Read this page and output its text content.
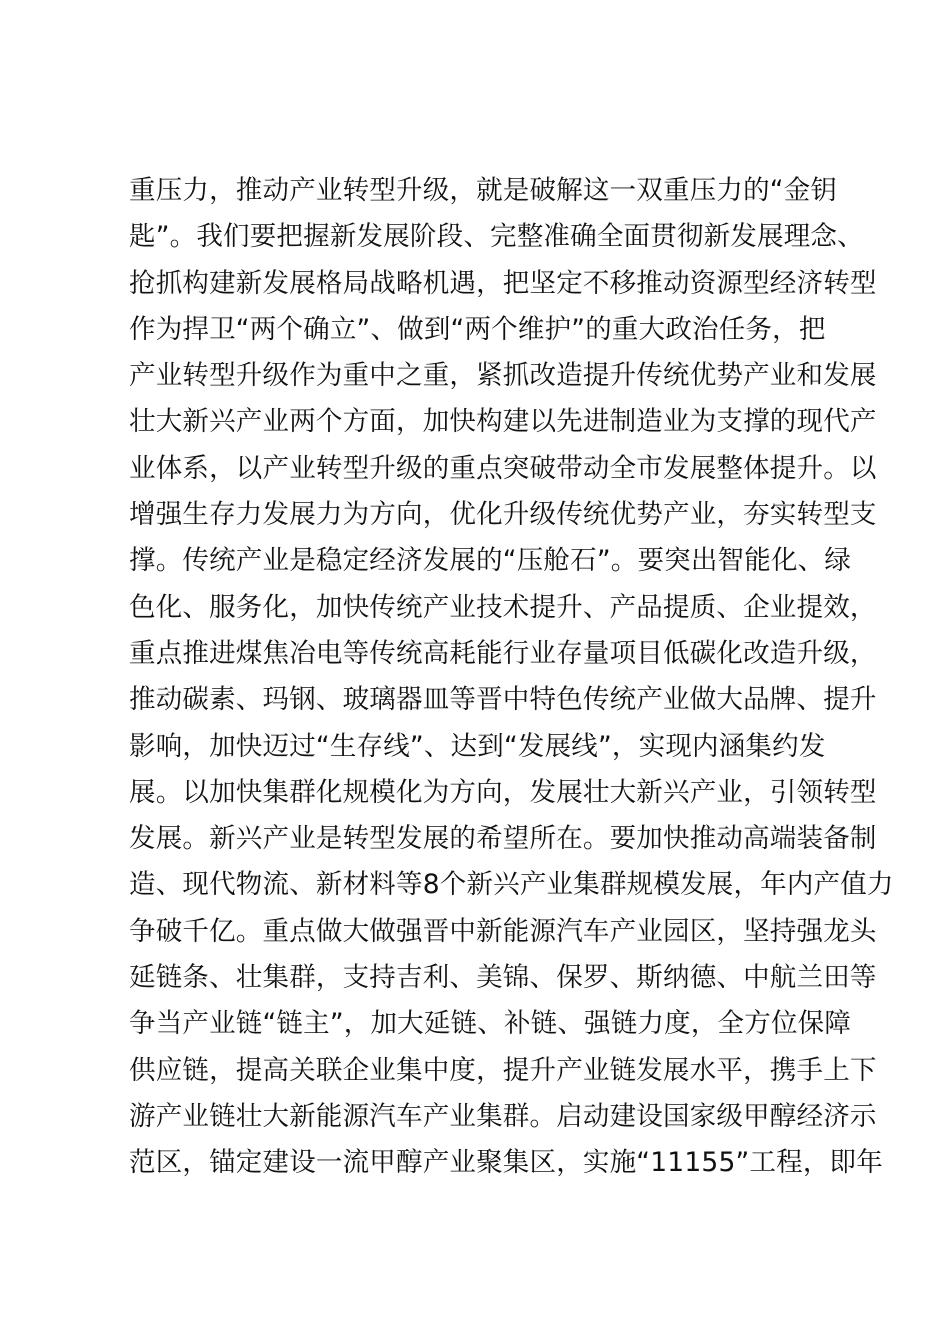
重压力，推动产业转型升级，就是破解这一双重压力的“金钥
匙”。我们要把握新发展阶段、完整准确全面贯彻新发展理念、
抢抓构建新发展格局战略机遇，把坚定不移推动资源型经济转型
作为捍卫“两个确立”、做到“两个维护”的重大政治任务，把
产业转型升级作为重中之重，紧抓改造提升传统优势产业和发展
壮大新兴产业两个方面，加快构建以先进制造业为支撑的现代产
业体系，以产业转型升级的重点突破带动全市发展整体提升。以
增强生存力发展力为方向，优化升级传统优势产业，夯实转型支
撑。传统产业是稳定经济发展的“压舱石”。要突出智能化、绿
色化、服务化，加快传统产业技术提升、产品提质、企业提效，
重点推进煤焦冶电等传统高耗能行业存量项目低碳化改造升级，
推动碳素、玛钢、玻璃器皿等晋中特色传统产业做大品牌、提升
影响，加快迈过“生存线”、达到“发展线”，实现内涵集约发
展。以加快集群化规模化为方向，发展壮大新兴产业，引领转型
发展。新兴产业是转型发展的希望所在。要加快推动高端装备制
造、现代物流、新材料等8个新兴产业集群规模发展，年内产值力
争破千亿。重点做大做强晋中新能源汽车产业园区，坚持强龙头
延链条、壮集群，支持吉利、美锦、保罗、斯纳德、中航兰田等
争当产业链“链主”，加大延链、补链、强链力度，全方位保障
供应链，提高关联企业集中度，提升产业链发展水平，携手上下
游产业链壮大新能源汽车产业集群。启动建设国家级甲醇经济示
范区，锚定建设一流甲醇产业聚集区，实施“11155”工程，即年
